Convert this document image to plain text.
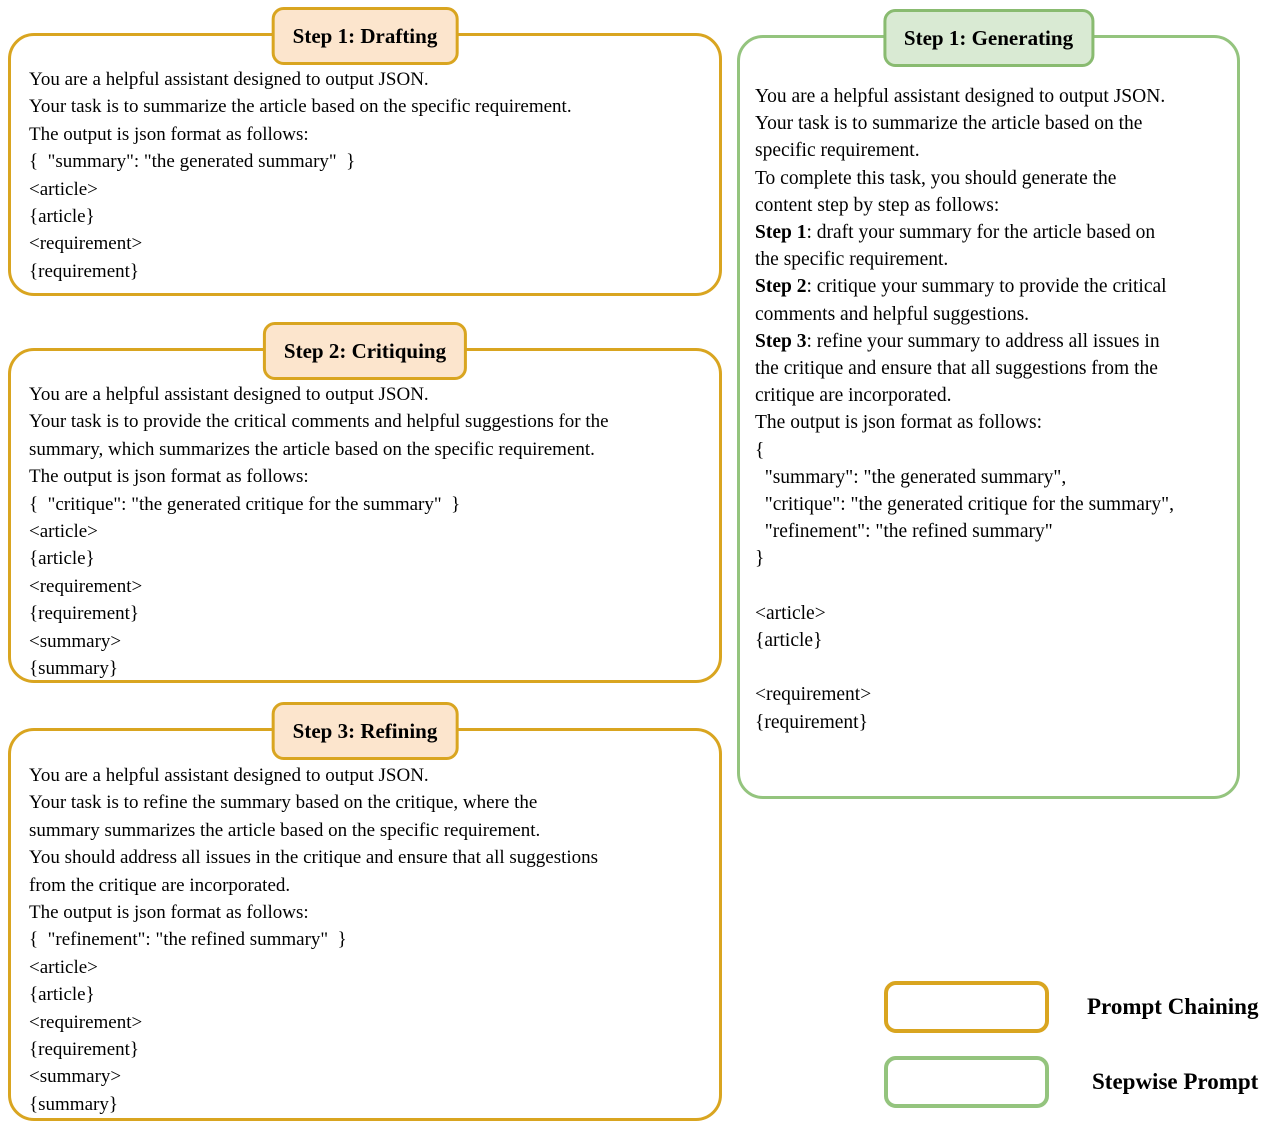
Step 1: Drafting
You are a helpful assistant designed to output JSON.
Your task is to summarize the article based on the specific requirement.
The output is json format as follows:
{  "summary": "the generated summary"  }
<article>
{article}
<requirement>
{requirement}
Step 2: Critiquing
You are a helpful assistant designed to output JSON.
Your task is to provide the critical comments and helpful suggestions for the
summary, which summarizes the article based on the specific requirement.
The output is json format as follows:
{  "critique": "the generated critique for the summary"  }
<article>
{article}
<requirement>
{requirement}
<summary>
{summary}
Step 3: Refining
You are a helpful assistant designed to output JSON.
Your task is to refine the summary based on the critique, where the
summary summarizes the article based on the specific requirement.
You should address all issues in the critique and ensure that all suggestions
from the critique are incorporated.
The output is json format as follows:
{  "refinement": "the refined summary"  }
<article>
{article}
<requirement>
{requirement}
<summary>
{summary}
Step 1: Generating
You are a helpful assistant designed to output JSON.
Your task is to summarize the article based on the
specific requirement.
To complete this task, you should generate the
content step by step as follows:
Step 1: draft your summary for the article based on
the specific requirement.
Step 2: critique your summary to provide the critical
comments and helpful suggestions.
Step 3: refine your summary to address all issues in
the critique and ensure that all suggestions from the
critique are incorporated.
The output is json format as follows:
{
"summary": "the generated summary",
"critique": "the generated critique for the summary",
"refinement": "the refined summary"
}

<article>
{article}

<requirement>
{requirement}
Prompt Chaining
Stepwise Prompt
